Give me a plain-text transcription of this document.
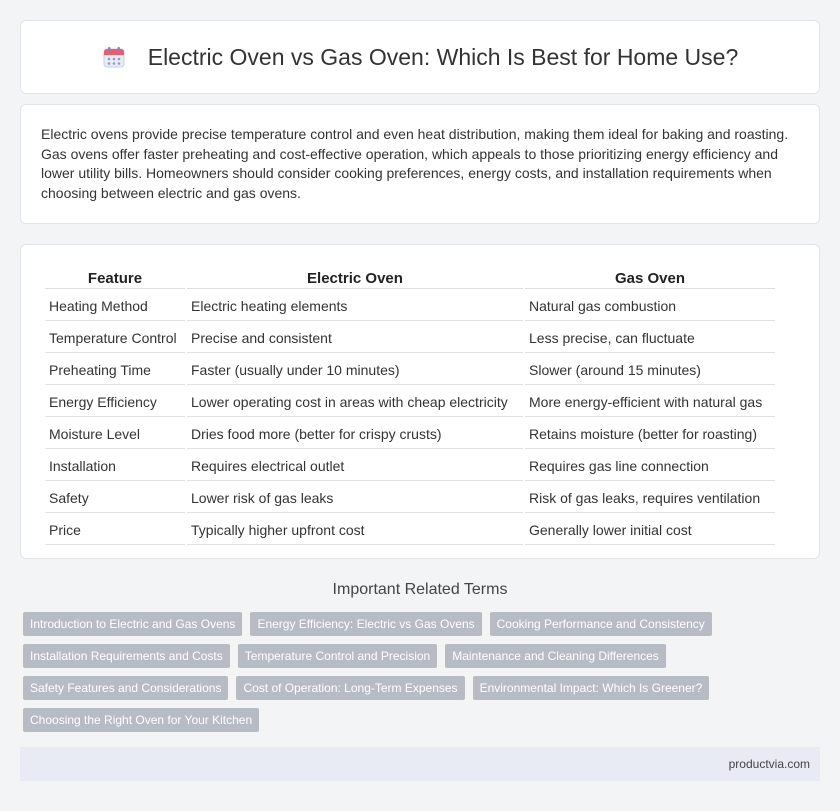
Electric Oven vs Gas Oven: Which Is Best for Home Use?

Electric ovens provide precise temperature control and even heat distribution, making them ideal for baking and roasting. Gas ovens offer faster preheating and cost-effective operation, which appeals to those prioritizing energy efficiency and lower utility bills. Homeowners should consider cooking preferences, energy costs, and installation requirements when choosing between electric and gas ovens.

Feature	Electric Oven	Gas Oven
Heating Method	Electric heating elements	Natural gas combustion
Temperature Control	Precise and consistent	Less precise, can fluctuate
Preheating Time	Faster (usually under 10 minutes)	Slower (around 15 minutes)
Energy Efficiency	Lower operating cost in areas with cheap electricity	More energy-efficient with natural gas
Moisture Level	Dries food more (better for crispy crusts)	Retains moisture (better for roasting)
Installation	Requires electrical outlet	Requires gas line connection
Safety	Lower risk of gas leaks	Risk of gas leaks, requires ventilation
Price	Typically higher upfront cost	Generally lower initial cost
Important Related Terms
Introduction to Electric and Gas Ovens	Energy Efficiency: Electric vs Gas Ovens	Cooking Performance and Consistency
Installation Requirements and Costs	Temperature Control and Precision	Maintenance and Cleaning Differences
Safety Features and Considerations	Cost of Operation: Long-Term Expenses	Environmental Impact: Which Is Greener?
Choosing the Right Oven for Your Kitchen
productvia.com
